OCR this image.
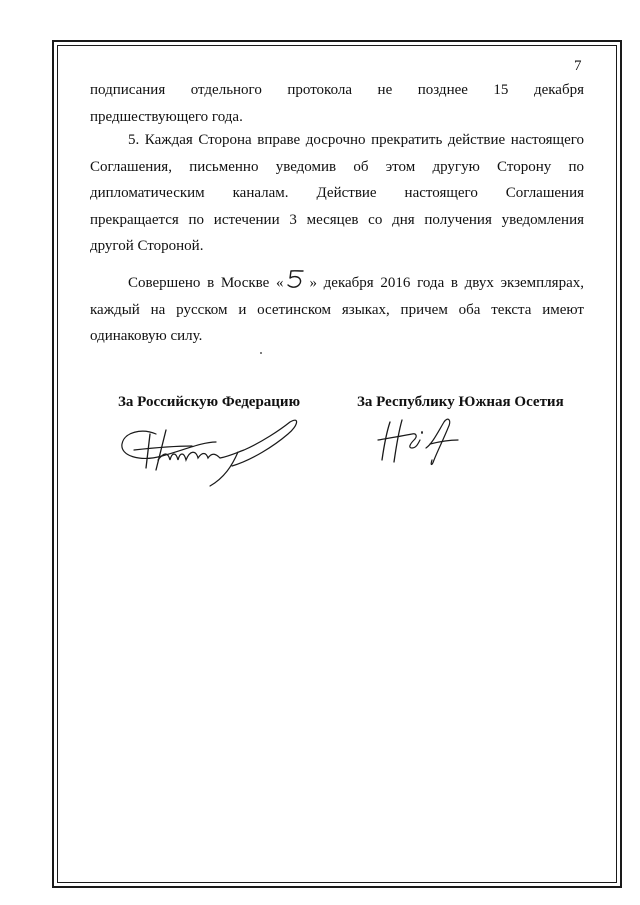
7
подписания отдельного протокола не позднее 15 декабря
предшествующего года.
5. Каждая Сторона вправе досрочно прекратить действие настоящего
Соглашения, письменно уведомив об этом другую Сторону по
дипломатическим каналам. Действие настоящего Соглашения
прекращается по истечении 3 месяцев со дня получения уведомления
другой Стороной.
Совершено в Москве « » декабря 2016 года в двух экземплярах,
каждый на русском и осетинском языках, причем оба текста имеют
одинаковую силу.
За Российскую Федерацию	За Республику Южная Осетия
